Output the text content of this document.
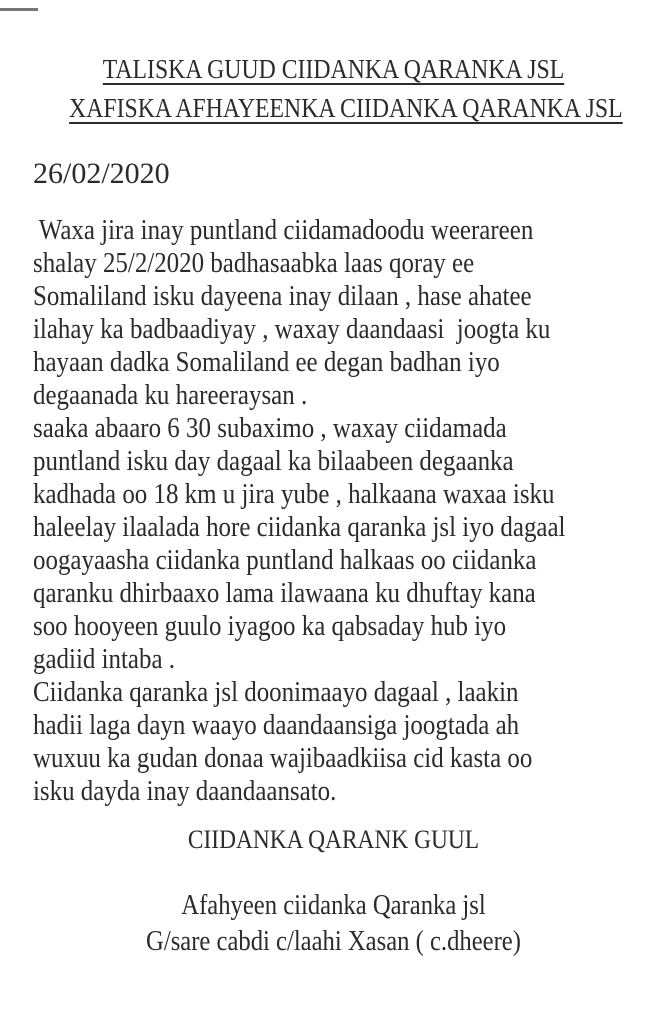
TALISKA GUUD CIIDANKA QARANKA JSL
XAFISKA AFHAYEENKA CIIDANKA QARANKA JSL
26/02/2020
Waxa jira inay puntland ciidamadoodu weerareen
shalay 25/2/2020 badhasaabka laas qoray ee
Somaliland isku dayeena inay dilaan , hase ahatee
ilahay ka badbaadiyay , waxay daandaasi  joogta ku
hayaan dadka Somaliland ee degan badhan iyo
degaanada ku hareeraysan .
saaka abaaro 6 30 subaximo , waxay ciidamada
puntland isku day dagaal ka bilaabeen degaanka
kadhada oo 18 km u jira yube , halkaana waxaa isku
haleelay ilaalada hore ciidanka qaranka jsl iyo dagaal
oogayaasha ciidanka puntland halkaas oo ciidanka
qaranku dhirbaaxo lama ilawaana ku dhuftay kana
soo hooyeen guulo iyagoo ka qabsaday hub iyo
gadiid intaba .
Ciidanka qaranka jsl doonimaayo dagaal , laakin
hadii laga dayn waayo daandaansiga joogtada ah
wuxuu ka gudan donaa wajibaadkiisa cid kasta oo
isku dayda inay daandaansato.
CIIDANKA QARANK GUUL
Afahyeen ciidanka Qaranka jsl
G/sare cabdi c/laahi Xasan ( c.dheere)
